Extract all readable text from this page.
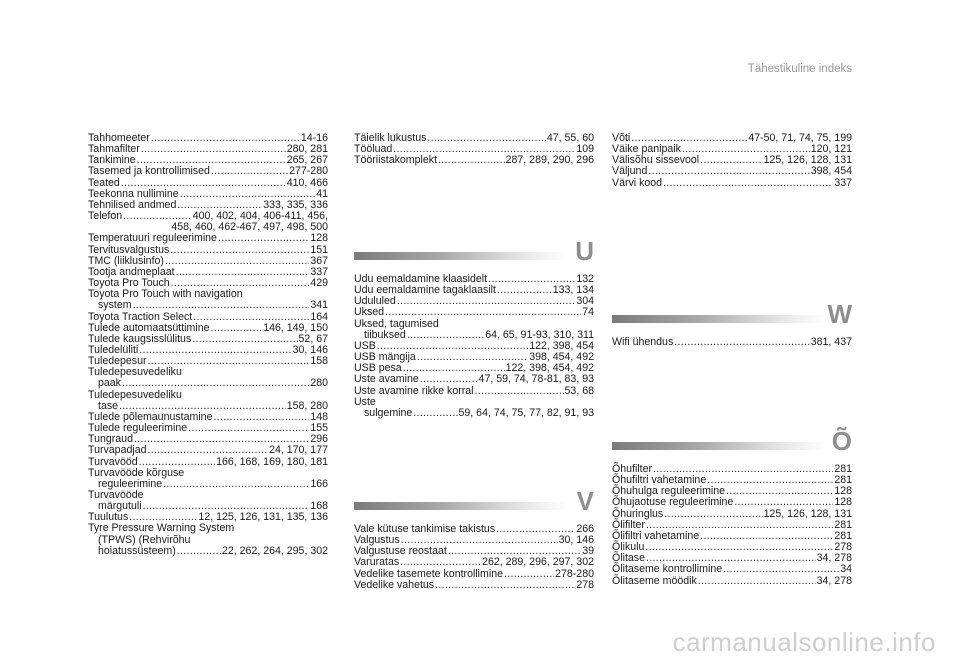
Tähestikuline indeks
Tahhomeeter .....	14-16
Tahmafilter .....	280, 281
Tankimine .....	265, 267
Tasemed ja kontrollimised .....	277-280
Teated .....	410, 466
Teekonna nullimine .....	41
Tehnilised andmed .....	333, 335, 336
Telefon .....	400, 402, 404, 406-411, 456,
458, 460, 462-467, 497, 498, 500
Temperatuuri reguleerimine .....	128
Tervitusvalgustus .....	151
TMC (liiklusinfo) .....	367
Tootja andmeplaat .....	337
Toyota Pro Touch .....	429
Toyota Pro Touch with navigation
system .....	341
Toyota Traction Select .....	164
Tulede automaatsüttimine .....	146, 149, 150
Tulede kaugsisslülitus .....	52, 67
Tuledelüliti .....	30, 146
Tuledepesur .....	158
Tuledepesuvedeliku
paak .....	280
Tuledepesuvedeliku
tase .....	158, 280
Tulede põlemaunustamine .....	148
Tulede reguleerimine .....	155
Tungraud .....	296
Turvapadjad .....	24, 170, 177
Turvavööd .....	166, 168, 169, 180, 181
Turvavööde kõrguse
reguleerimine .....	166
Turvavööde
märgutuli .....	168
Tuulutus .....	12, 125, 126, 131, 135, 136
Tyre Pressure Warning System
(TPWS) (Rehvirõhu
hoiatussüsteem) .....	22, 262, 264, 295, 302
Täielik lukustus .....	47, 55, 60
Tööluad .....	109
Tööriistakomplekt .....	287, 289, 290, 296
Võti .....	47-50, 71, 74, 75, 199
Väike panipaik .....	120, 121
Välisõhu sissevool .....	125, 126, 128, 131
Väljund .....	398, 454
Värvi kood .....	337
U
Udu eemaldamine klaasidelt .....	132
Udu eemaldamine tagaklaasilt .....	133, 134
Udululed .....	304
Uksed .....	74
Uksed, tagumised
tiibuksed .....	64, 65, 91-93, 310, 311
USB .....	122, 398, 454
USB mängija .....	398, 454, 492
USB pesa .....	122, 398, 454, 492
Uste avamine .....	47, 59, 74, 78-81, 83, 93
Uste avamine rikke korral .....	53, 68
Uste
sulgemine .....	59, 64, 74, 75, 77, 82, 91, 93
V
Vale kütuse tankimise takistus .....	266
Valgustus .....	30, 146
Valgustuse reostaat .....	39
Varuratas .....	262, 289, 296, 297, 302
Vedelike tasemete kontrollimine .....	278-280
Vedelike vahetus .....	278
W
Wifi ühendus .....	381, 437
Õ
Õhufilter .....	281
Õhufiltri vahetamine .....	281
Õhuhulga reguleerimine .....	128
Õhujaotuse reguleerimine .....	128
Õhuringlus .....	125, 126, 128, 131
Õlifilter .....	281
Õlifiltri vahetamine .....	281
Õlikulu .....	278
Õlitase .....	34, 278
Õlitaseme kontrollimine .....	34
Õlitaseme möödik .....	34, 278
carmanualsonline.info
